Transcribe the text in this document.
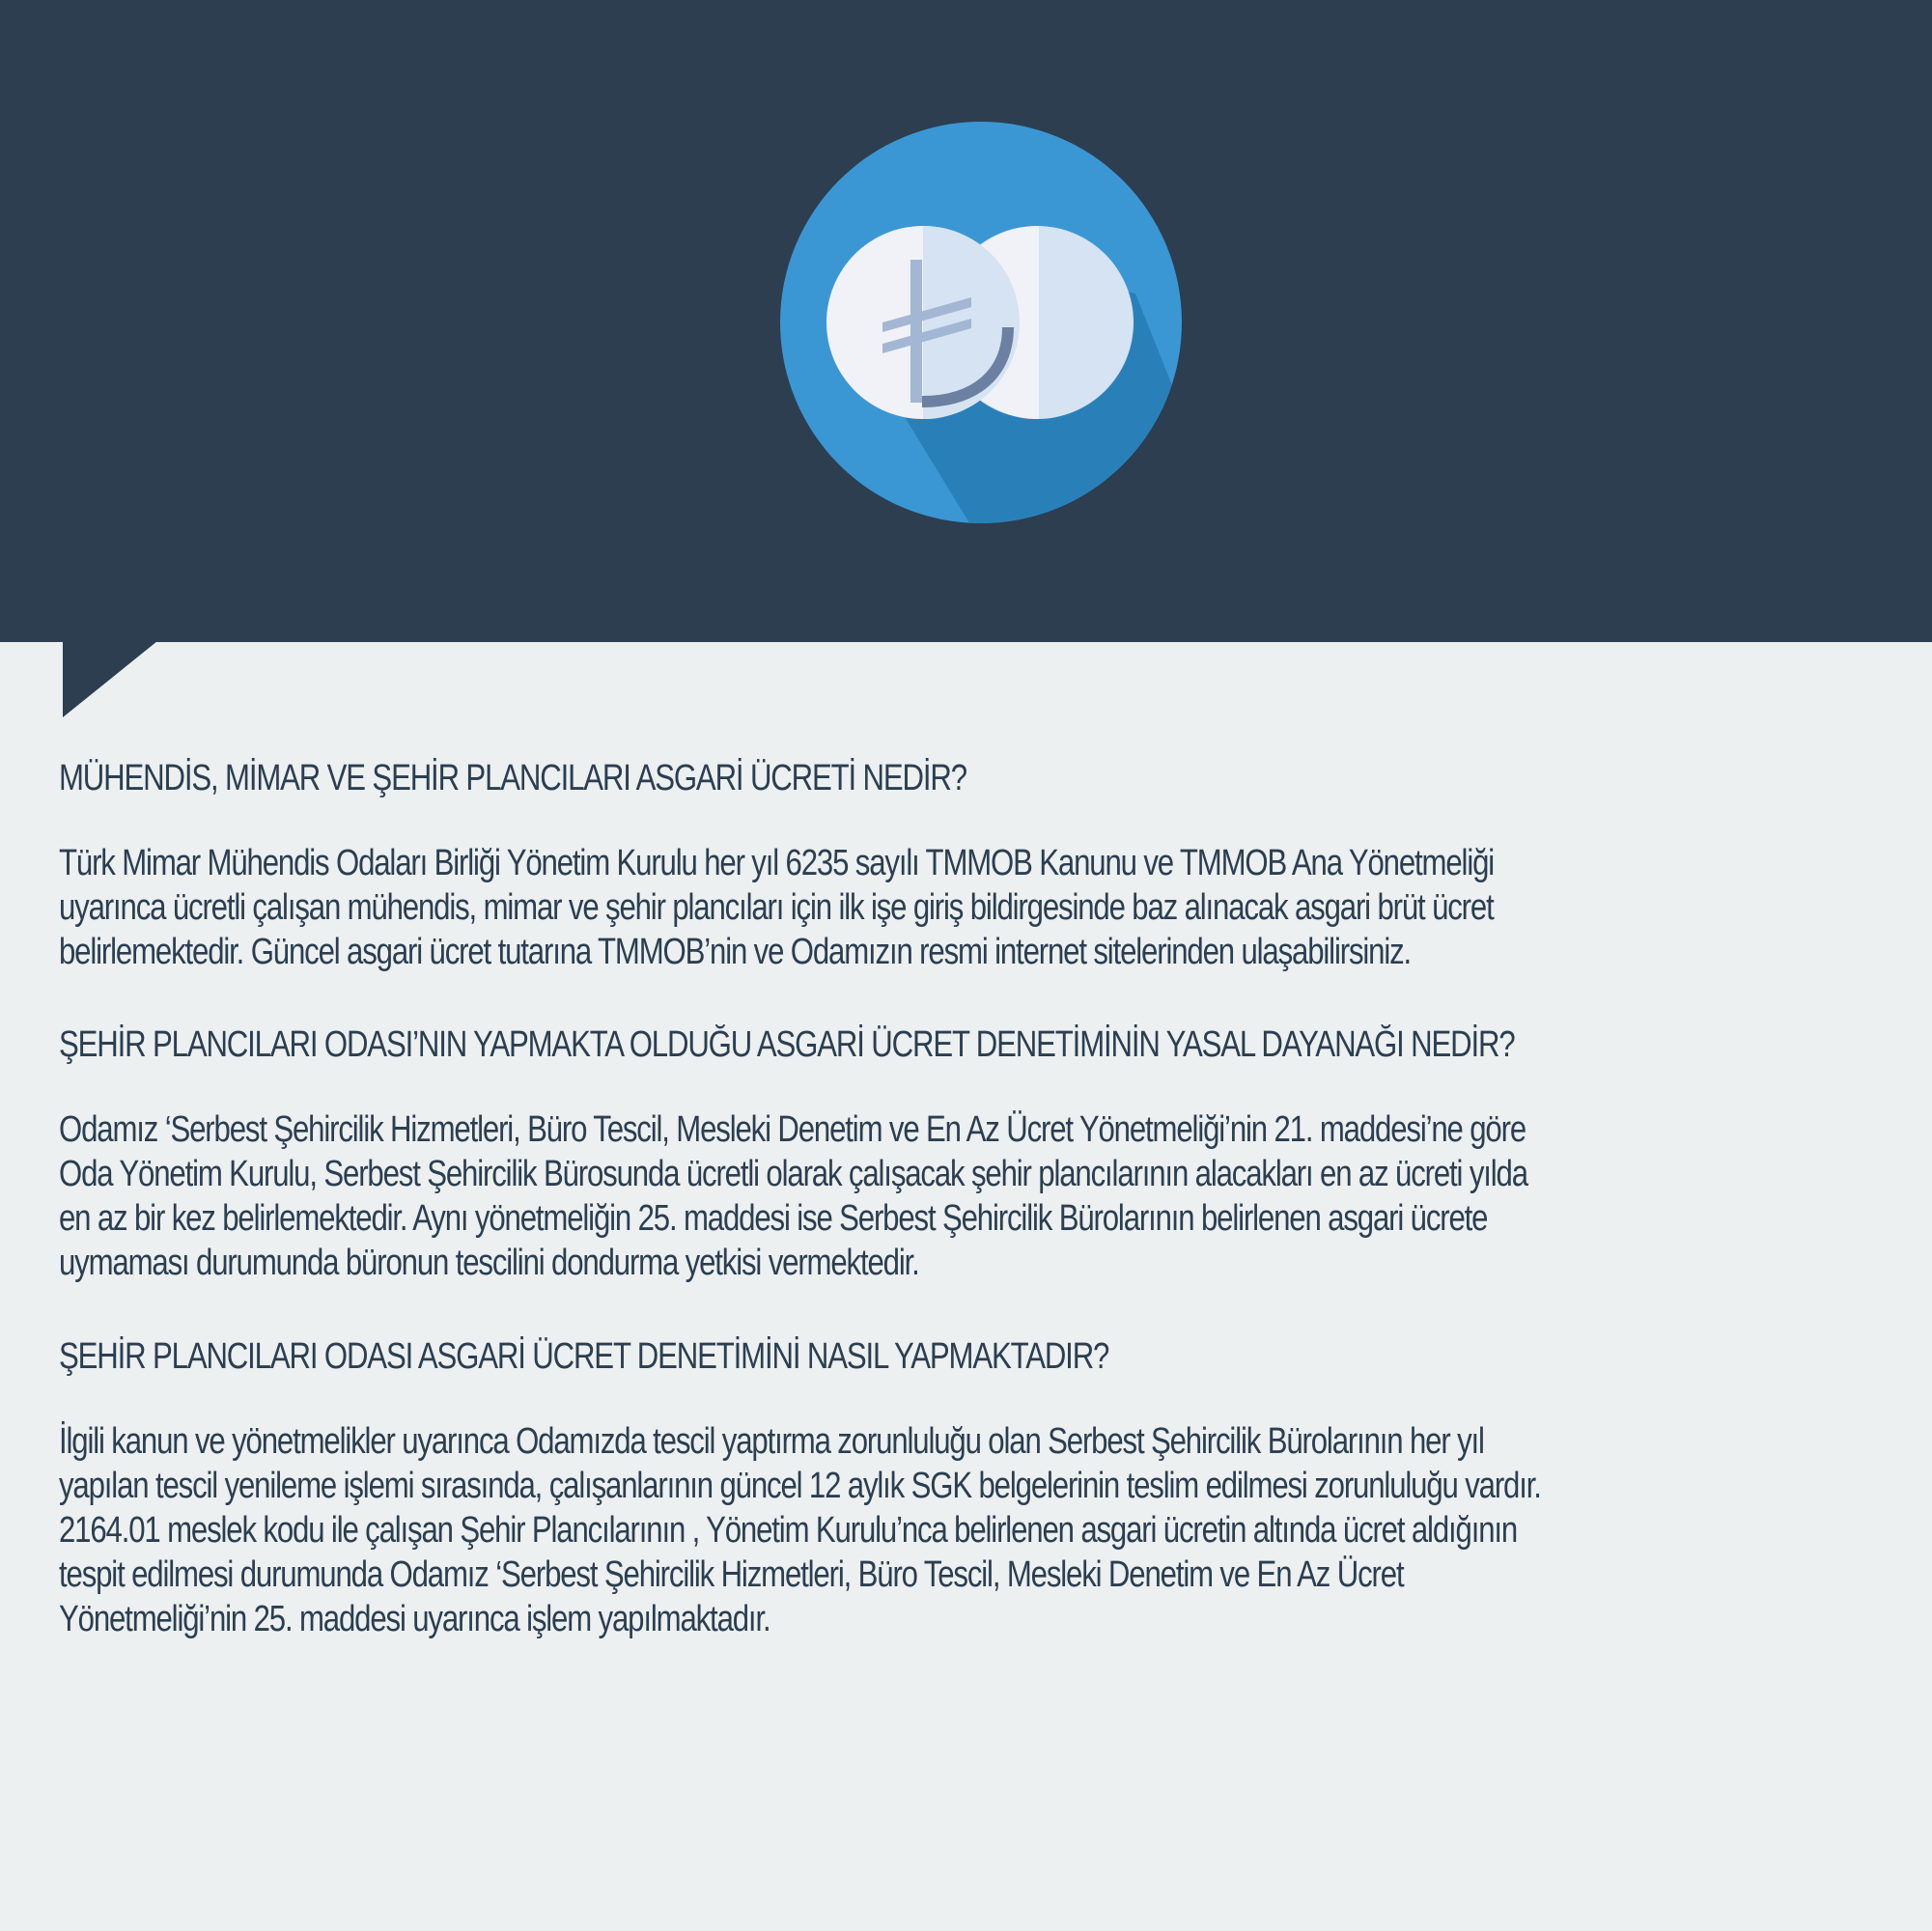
MÜHENDİS, MİMAR VE ŞEHİR PLANCILARI ASGARİ ÜCRETİ NEDİR?

Türk Mimar Mühendis Odaları Birliği Yönetim Kurulu her yıl 6235 sayılı TMMOB Kanunu ve TMMOB Ana Yönetmeliği
uyarınca ücretli çalışan mühendis, mimar ve şehir plancıları için ilk işe giriş bildirgesinde baz alınacak asgari brüt ücret
belirlemektedir. Güncel asgari ücret tutarına TMMOB’nin ve Odamızın resmi internet sitelerinden ulaşabilirsiniz.

ŞEHİR PLANCILARI ODASI’NIN YAPMAKTA OLDUĞU ASGARİ ÜCRET DENETİMİNİN YASAL DAYANAĞI NEDİR?

Odamız ‘Serbest Şehircilik Hizmetleri, Büro Tescil, Mesleki Denetim ve En Az Ücret Yönetmeliği’nin 21. maddesi’ne göre
Oda Yönetim Kurulu, Serbest Şehircilik Bürosunda ücretli olarak çalışacak şehir plancılarının alacakları en az ücreti yılda
en az bir kez belirlemektedir. Aynı yönetmeliğin 25. maddesi ise Serbest Şehircilik Bürolarının belirlenen asgari ücrete
uymaması durumunda büronun tescilini dondurma yetkisi vermektedir.

ŞEHİR PLANCILARI ODASI ASGARİ ÜCRET DENETİMİNİ NASIL YAPMAKTADIR?

İlgili kanun ve yönetmelikler uyarınca Odamızda tescil yaptırma zorunluluğu olan Serbest Şehircilik Bürolarının her yıl
yapılan tescil yenileme işlemi sırasında, çalışanlarının güncel 12 aylık SGK belgelerinin teslim edilmesi zorunluluğu vardır.
2164.01 meslek kodu ile çalışan Şehir Plancılarının , Yönetim Kurulu’nca belirlenen asgari ücretin altında ücret aldığının
tespit edilmesi durumunda Odamız ‘Serbest Şehircilik Hizmetleri, Büro Tescil, Mesleki Denetim ve En Az Ücret
Yönetmeliği’nin 25. maddesi uyarınca işlem yapılmaktadır.
